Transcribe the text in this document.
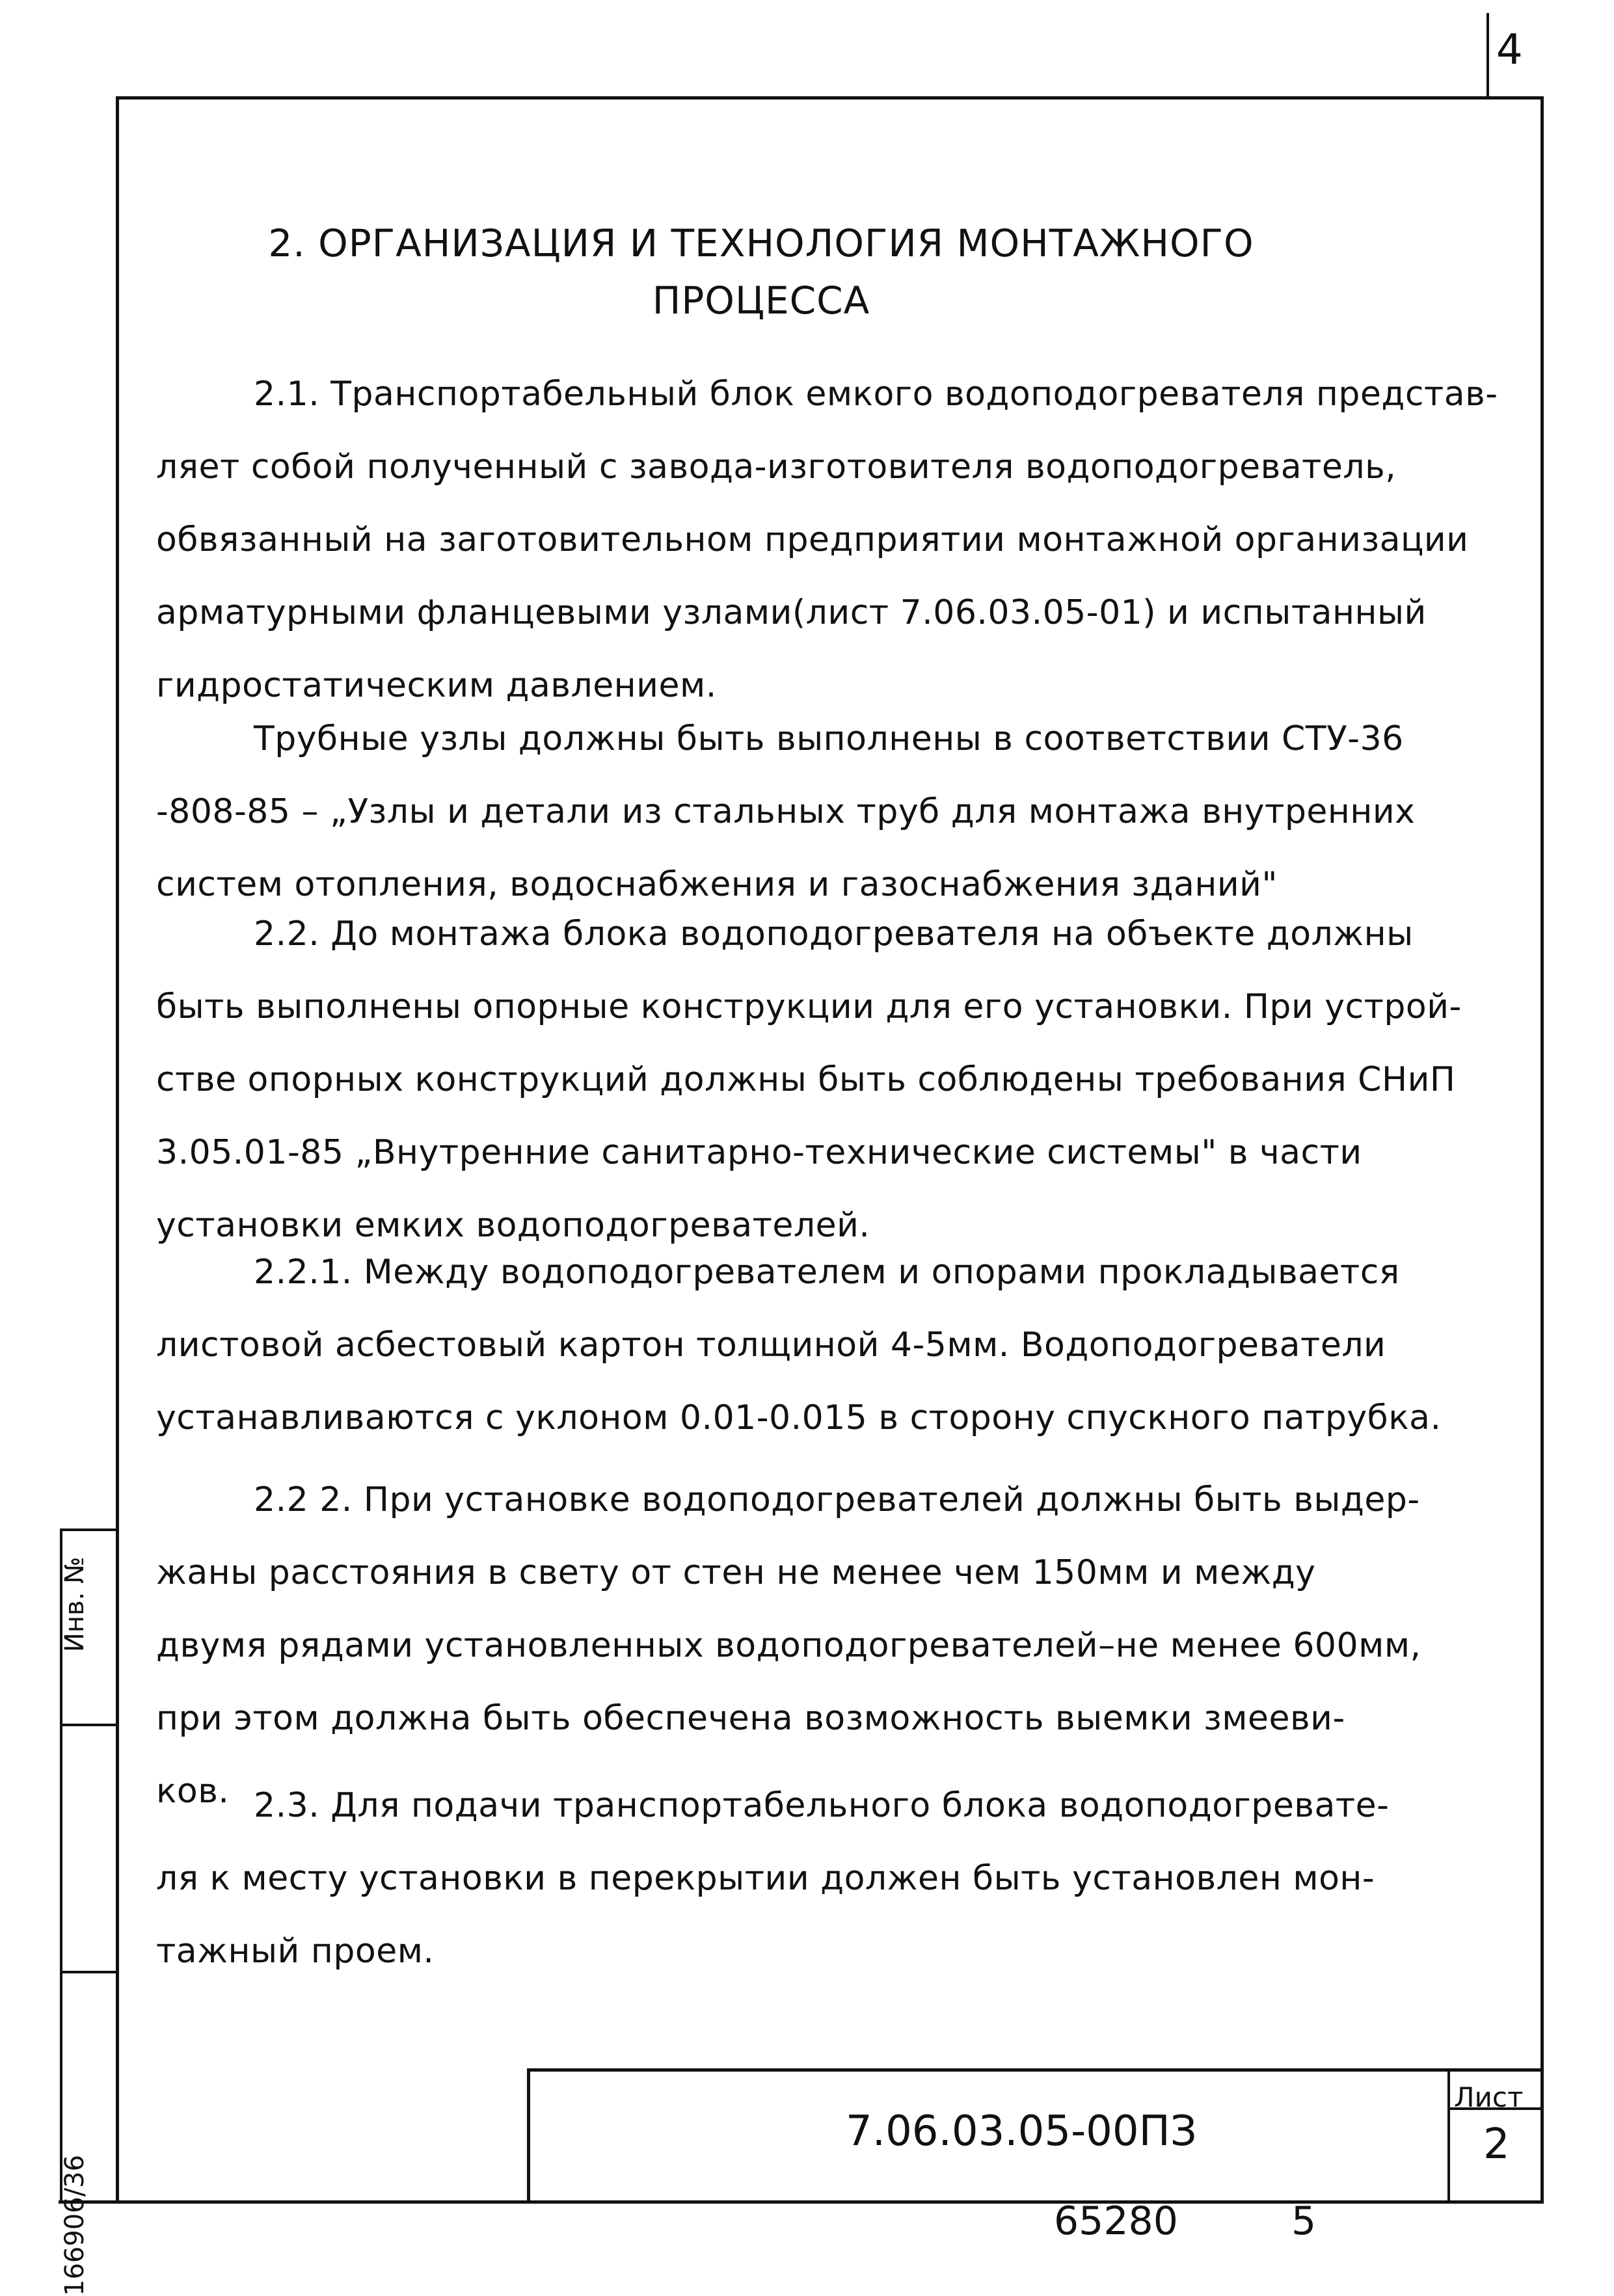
4
2. ОРГАНИЗАЦИЯ И ТЕХНОЛОГИЯ МОНТАЖНОГО
ПРОЦЕССА
2.1. Транспортабельный блок емкого водоподогревателя представ-
ляет собой полученный с завода-изготовителя водоподогреватель,
обвязанный на заготовительном предприятии монтажной организации
арматурными фланцевыми узлами(лист 7.06.03.05-01) и испытанный
гидростатическим давлением.
Трубные узлы должны быть выполнены в соответствии СТУ-36
-808-85 – „Узлы и детали из стальных труб для монтажа внутренних
систем отопления, водоснабжения и газоснабжения зданий"
2.2. До монтажа блока водоподогревателя на объекте должны
быть выполнены опорные конструкции для его установки. При устрой-
стве опорных конструкций должны быть соблюдены требования СНиП
3.05.01-85 „Внутренние санитарно-технические системы" в части
установки емких водоподогревателей.
2.2.1. Между водоподогревателем и опорами прокладывается
листовой асбестовый картон толщиной 4-5мм. Водоподогреватели
устанавливаются с уклоном 0.01-0.015 в сторону спускного патрубка.
2.2 2. При установке водоподогревателей должны быть выдер-
жаны расстояния в свету от стен не менее чем 150мм и между
двумя рядами установленных водоподогревателей–не менее 600мм,
при этом должна быть обеспечена возможность выемки змееви-
ков. 2.3. Для подачи транспортабельного блока водоподогревате-
ля к месту установки в перекрытии должен быть установлен мон-
тажный проем.
7.06.03.05-00ПЗ
Лист
2
166906/36
Инв. №
65280	5
